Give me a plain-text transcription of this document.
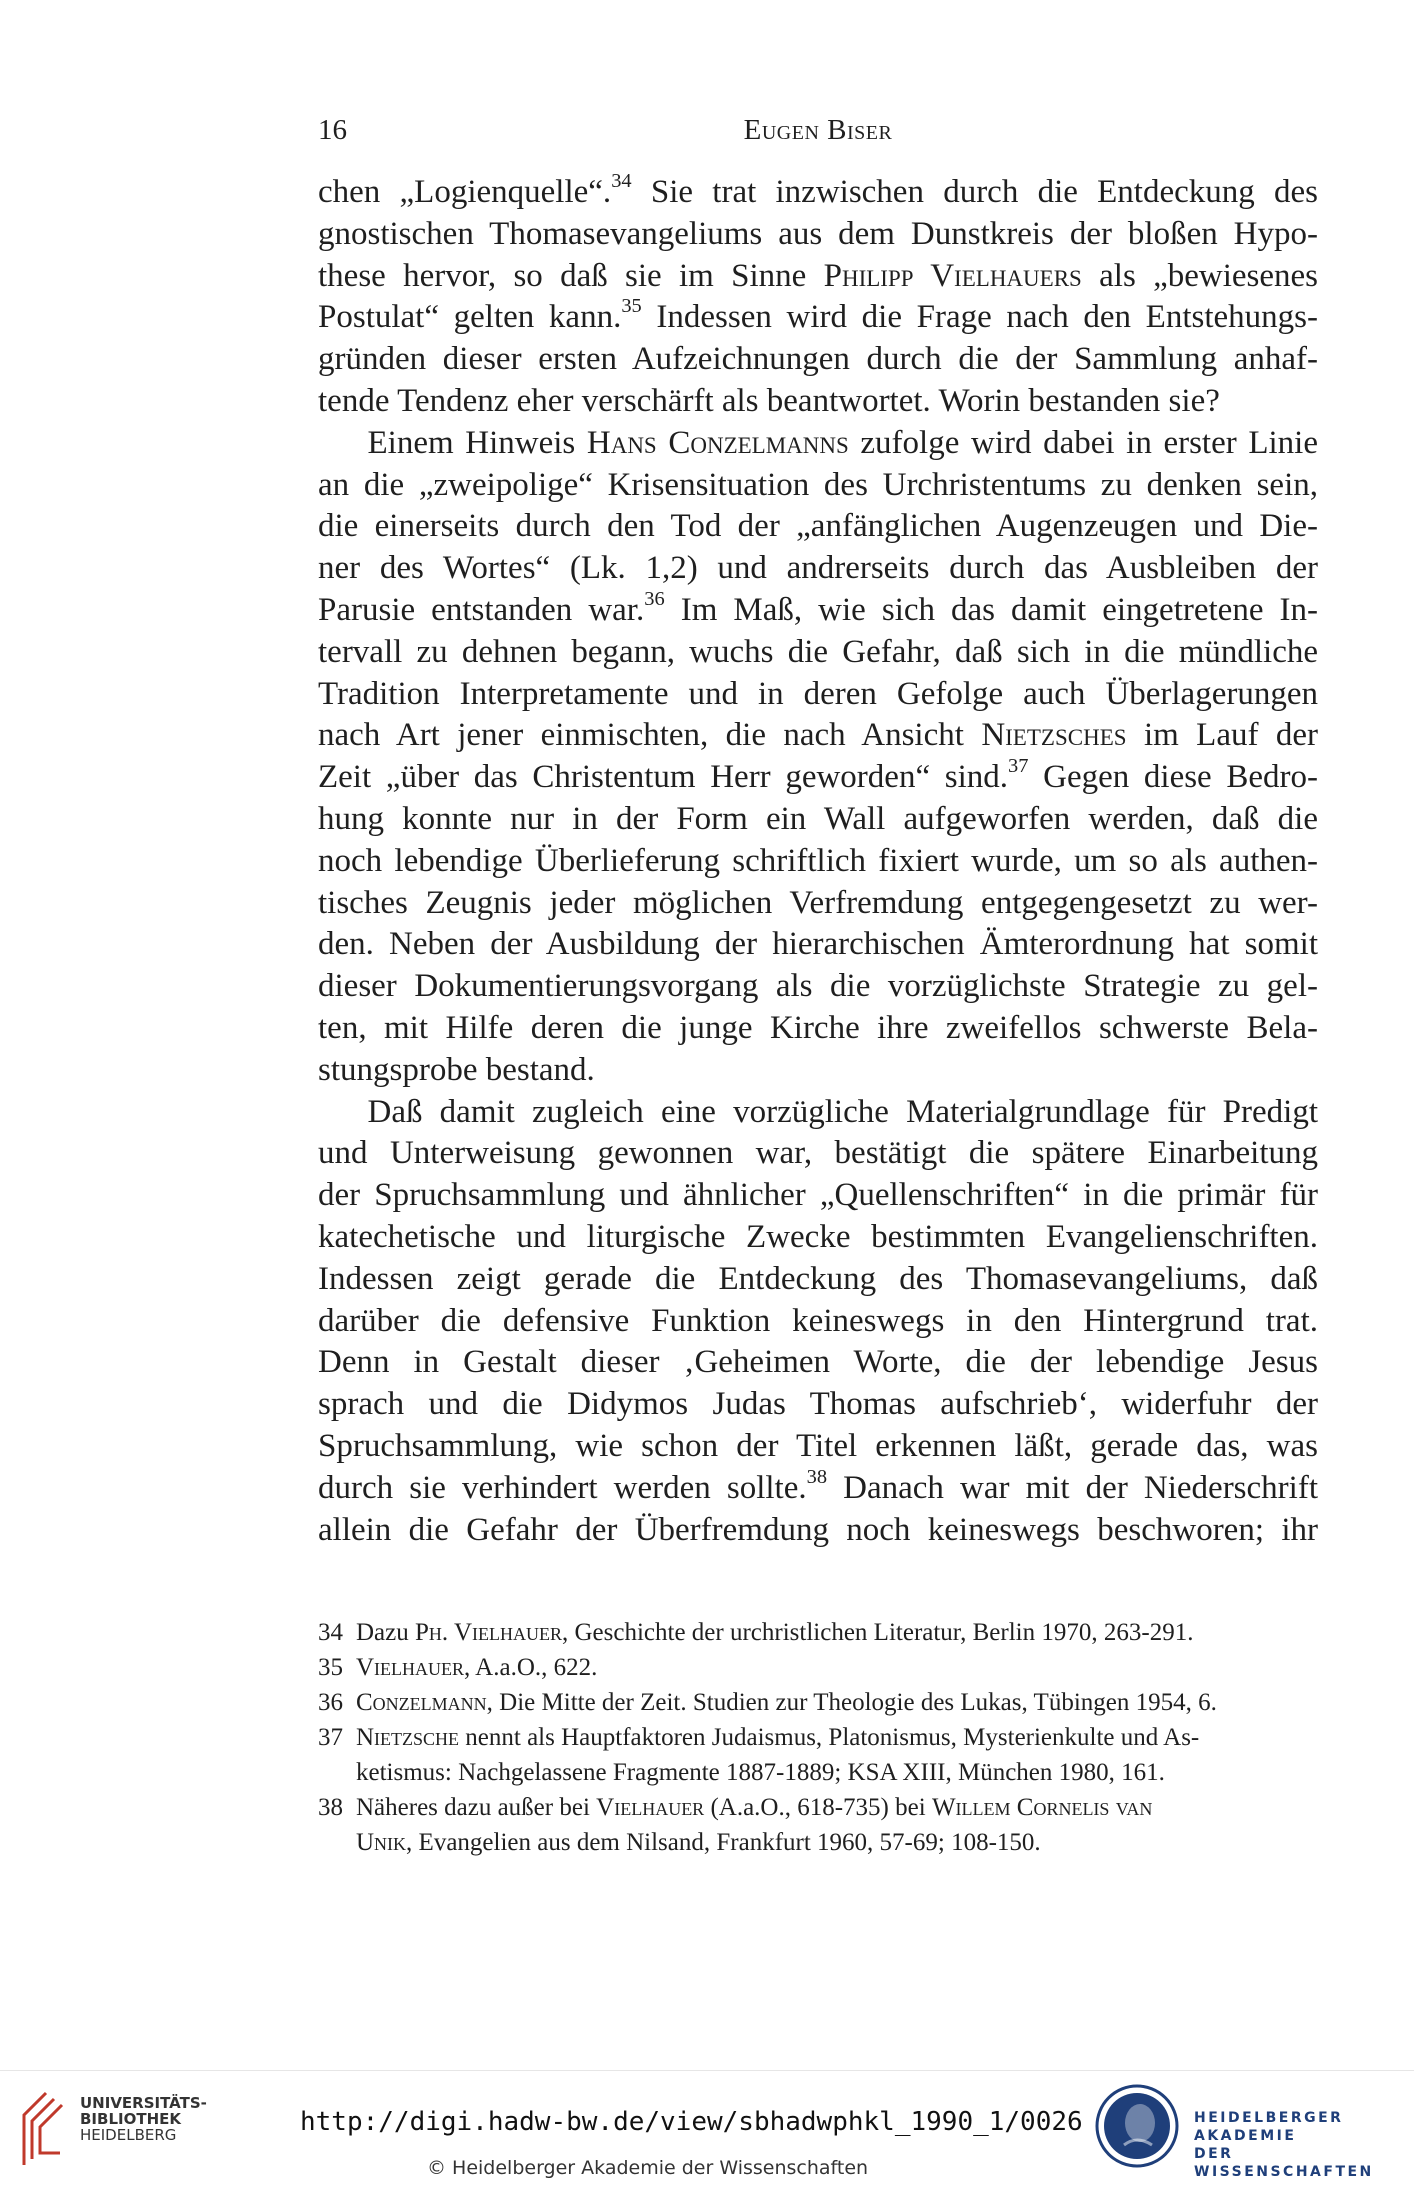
16	Eugen Biser
chen „Logienquelle“.$^{34}$ Sie trat inzwischen durch die Entdeckung des
gnostischen Thomasevangeliums aus dem Dunstkreis der bloßen Hypo-
these hervor, so daß sie im Sinne Philipp Vielhauers als „bewiesenes
Postulat“ gelten kann.$^{35}$ Indessen wird die Frage nach den Entstehungs-
gründen dieser ersten Aufzeichnungen durch die der Sammlung anhaf-
tende Tendenz eher verschärft als beantwortet. Worin bestanden sie?
  Einem Hinweis Hans Conzelmanns zufolge wird dabei in erster Linie
an die „zweipolige“ Krisensituation des Urchristentums zu denken sein,
die einerseits durch den Tod der „anfänglichen Augenzeugen und Die-
ner des Wortes“ (Lk. 1,2) und andrerseits durch das Ausbleiben der
Parusie entstanden war.$^{36}$ Im Maß, wie sich das damit eingetretene In-
tervall zu dehnen begann, wuchs die Gefahr, daß sich in die mündliche
Tradition Interpretamente und in deren Gefolge auch Überlagerungen
nach Art jener einmischten, die nach Ansicht Nietzsches im Lauf der
Zeit „über das Christentum Herr geworden“ sind.$^{37}$ Gegen diese Bedro-
hung konnte nur in der Form ein Wall aufgeworfen werden, daß die
noch lebendige Überlieferung schriftlich fixiert wurde, um so als authen-
tisches Zeugnis jeder möglichen Verfremdung entgegengesetzt zu wer-
den. Neben der Ausbildung der hierarchischen Ämterordnung hat somit
dieser Dokumentierungsvorgang als die vorzüglichste Strategie zu gel-
ten, mit Hilfe deren die junge Kirche ihre zweifellos schwerste Bela-
stungsprobe bestand.
  Daß damit zugleich eine vorzügliche Materialgrundlage für Predigt
und Unterweisung gewonnen war, bestätigt die spätere Einarbeitung
der Spruchsammlung und ähnlicher „Quellenschriften“ in die primär für
katechetische und liturgische Zwecke bestimmten Evangelienschriften.
Indessen zeigt gerade die Entdeckung des Thomasevangeliums, daß
darüber die defensive Funktion keineswegs in den Hintergrund trat.
Denn in Gestalt dieser ‚Geheimen Worte, die der lebendige Jesus
sprach und die Didymos Judas Thomas aufschrieb‘, widerfuhr der
Spruchsammlung, wie schon der Titel erkennen läßt, gerade das, was
durch sie verhindert werden sollte.$^{38}$ Danach war mit der Niederschrift
allein die Gefahr der Überfremdung noch keineswegs beschworen; ihr
34 Dazu Ph. Vielhauer, Geschichte der urchristlichen Literatur, Berlin 1970, 263-291.
35 Vielhauer, A.a.O., 622.
36 Conzelmann, Die Mitte der Zeit. Studien zur Theologie des Lukas, Tübingen 1954, 6.
37 Nietzsche nennt als Hauptfaktoren Judaismus, Platonismus, Mysterienkulte und As-
ketismus: Nachgelassene Fragmente 1887-1889; KSA XIII, München 1980, 161.
38 Näheres dazu außer bei Vielhauer (A.a.O., 618-735) bei Willem Cornelis van
Unik, Evangelien aus dem Nilsand, Frankfurt 1960, 57-69; 108-150.
UNIVERSITÄTS-
BIBLIOTHEK
HEIDELBERG	http://digi.hadw-bw.de/view/sbhadwphkl_1990_1/0026
© Heidelberger Akademie der Wissenschaften
HEIDELBERGER AKADEMIE
DER WISSENSCHAFTEN
